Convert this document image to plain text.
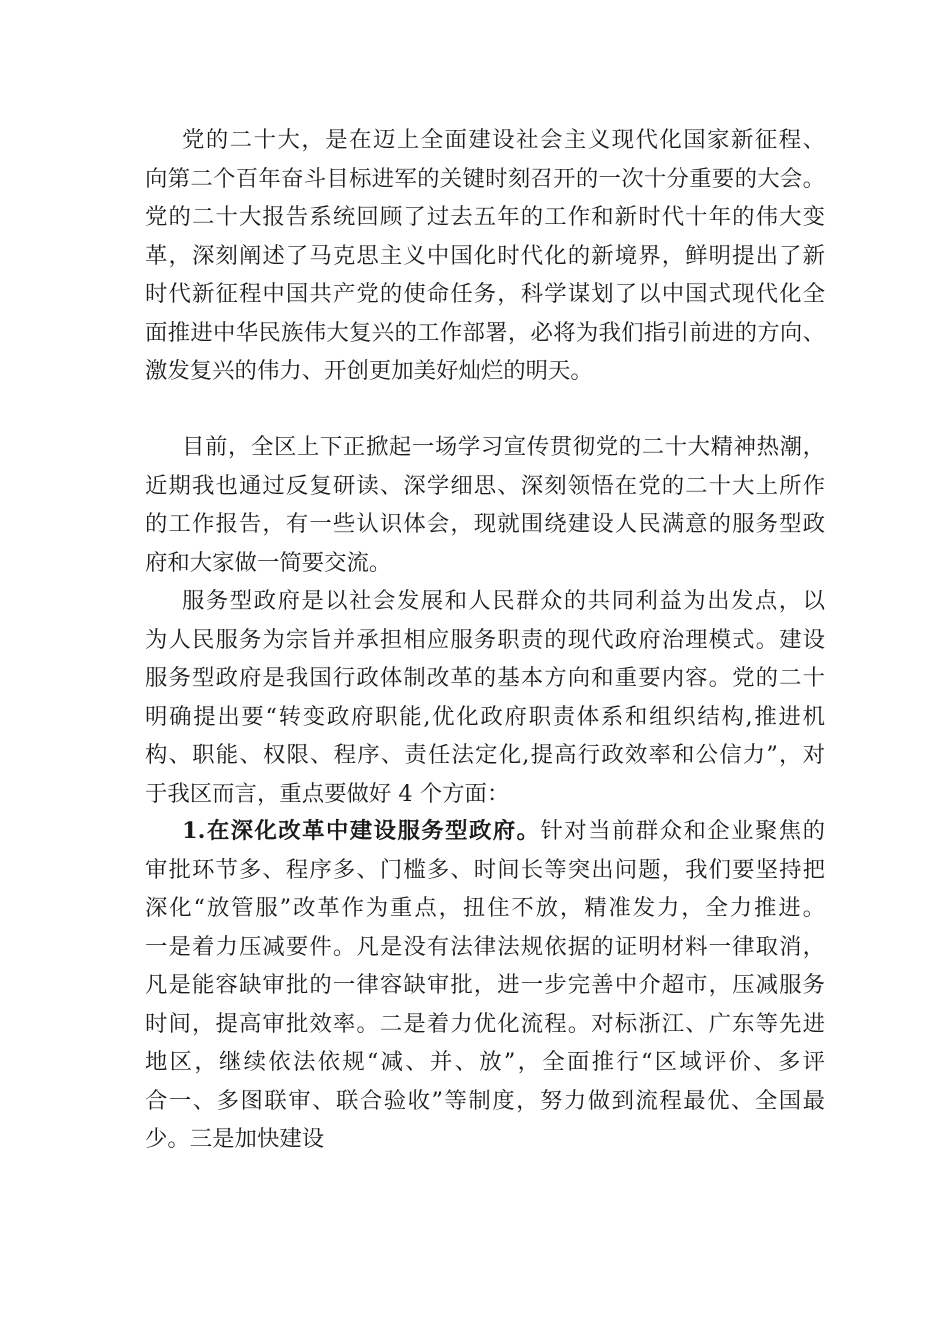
党的二十大，是在迈上全面建设社会主义现代化国家新征程、
向第二个百年奋斗目标进军的关键时刻召开的一次十分重要的大会。
党的二十大报告系统回顾了过去五年的工作和新时代十年的伟大变
革，深刻阐述了马克思主义中国化时代化的新境界，鲜明提出了新
时代新征程中国共产党的使命任务，科学谋划了以中国式现代化全
面推进中华民族伟大复兴的工作部署，必将为我们指引前进的方向、
激发复兴的伟力、开创更加美好灿烂的明天。
目前，全区上下正掀起一场学习宣传贯彻党的二十大精神热潮，
近期我也通过反复研读、深学细思、深刻领悟在党的二十大上所作
的工作报告，有一些认识体会，现就围绕建设人民满意的服务型政
府和大家做一简要交流。
服务型政府是以社会发展和人民群众的共同利益为出发点，以
为人民服务为宗旨并承担相应服务职责的现代政府治理模式。建设
服务型政府是我国行政体制改革的基本方向和重要内容。党的二十
明确提出要“转变政府职能,优化政府职责体系和组织结构,推进机
构、职能、权限、程序、责任法定化,提高行政效率和公信力”，对
于我区而言，重点要做好 4 个方面：
1.在深化改革中建设服务型政府。针对当前群众和企业聚焦的
审批环节多、程序多、门槛多、时间长等突出问题，我们要坚持把
深化“放管服”改革作为重点，扭住不放，精准发力，全力推进。
一是着力压减要件。凡是没有法律法规依据的证明材料一律取消，
凡是能容缺审批的一律容缺审批，进一步完善中介超市，压减服务
时间，提高审批效率。二是着力优化流程。对标浙江、广东等先进
地区，继续依法依规“减、并、放”，全面推行“区域评价、多评
合一、多图联审、联合验收”等制度，努力做到流程最优、全国最
少。三是加快建设
